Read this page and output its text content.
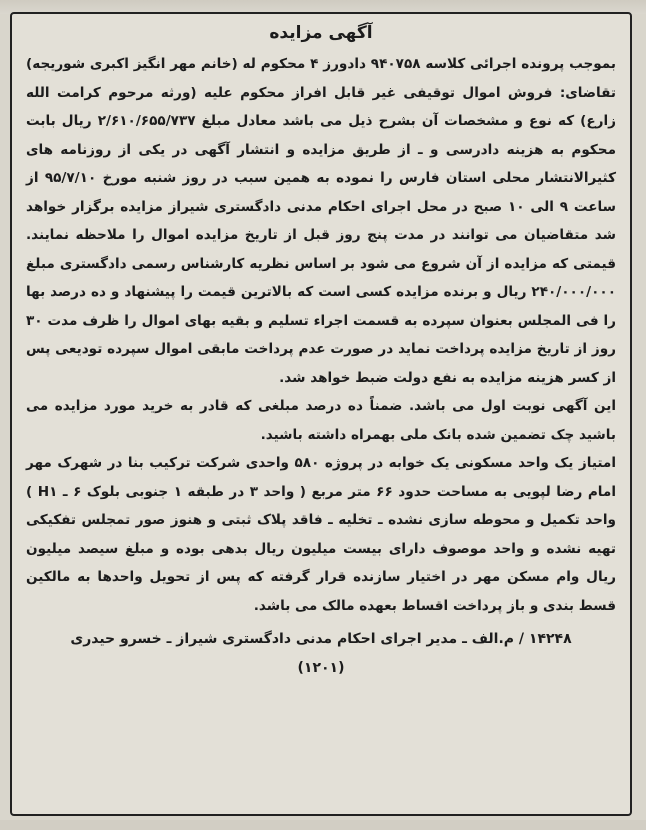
آگهی مزایده

بموجب پرونده اجرائی کلاسه ۹۴۰۷۵۸ دادورز ۴ محکوم له (خانم مهر انگیز اکبری شوریجه) تقاضای: فروش اموال توقیفی غیر قابل افراز محکوم علیه (ورثه مرحوم کرامت الله زارع) که نوع و مشخصات آن بشرح ذیل می باشد معادل مبلغ ۲/۶۱۰/۶۵۵/۷۳۷ ریال بابت محکوم به هزینه دادرسی و ـ از طریق مزایده و انتشار آگهی در یکی از روزنامه های کثیرالانتشار محلی استان فارس را نموده به همین سبب در روز شنبه مورخ ۹۵/۷/۱۰ از ساعت ۹ الی ۱۰ صبح در محل اجرای احکام مدنی دادگستری شیراز مزایده برگزار خواهد شد متقاضیان می توانند در مدت پنج روز قبل از تاریخ مزایده اموال را ملاحظه نمایند. قیمتی که مزایده از آن شروع می شود بر اساس نظریه کارشناس رسمی دادگستری مبلغ ۲۴۰/۰۰۰/۰۰۰ ریال و برنده مزایده کسی است که بالاترین قیمت را پیشنهاد و ده درصد بها را فی المجلس بعنوان سپرده به قسمت اجراء تسلیم و بقیه بهای اموال را ظرف مدت ۳۰ روز از تاریخ مزایده پرداخت نماید در صورت عدم پرداخت مابقی اموال سپرده تودیعی پس از کسر هزینه مزایده به نفع دولت ضبط خواهد شد.

این آگهی نوبت اول می باشد. ضمناً ده درصد مبلغی که قادر به خرید مورد مزایده می باشید چک تضمین شده بانک ملی بهمراه داشته باشید.

امتیاز یک واحد مسکونی یک خوابه در پروژه ۵۸۰ واحدی شرکت ترکیب بنا در شهرک مهر امام رضا لپویی به مساحت حدود ۶۶ متر مربع ( واحد ۳ در طبقه ۱ جنوبی بلوک ۶ ـ H۱ ) واحد تکمیل و محوطه سازی نشده ـ تخلیه ـ فاقد پلاک ثبتی و هنوز صور تمجلس تفکیکی تهیه نشده و واحد موصوف دارای بیست میلیون ریال بدهی بوده و مبلغ سیصد میلیون ریال وام مسکن مهر در اختیار سازنده قرار گرفته که پس از تحویل واحدها به مالکین قسط بندی و باز پرداخت اقساط بعهده مالک می باشد.

۱۴۲۴۸ / م.الف ـ مدیر اجرای احکام مدنی دادگستری شیراز ـ خسرو حیدری
(۱۲۰۱)
